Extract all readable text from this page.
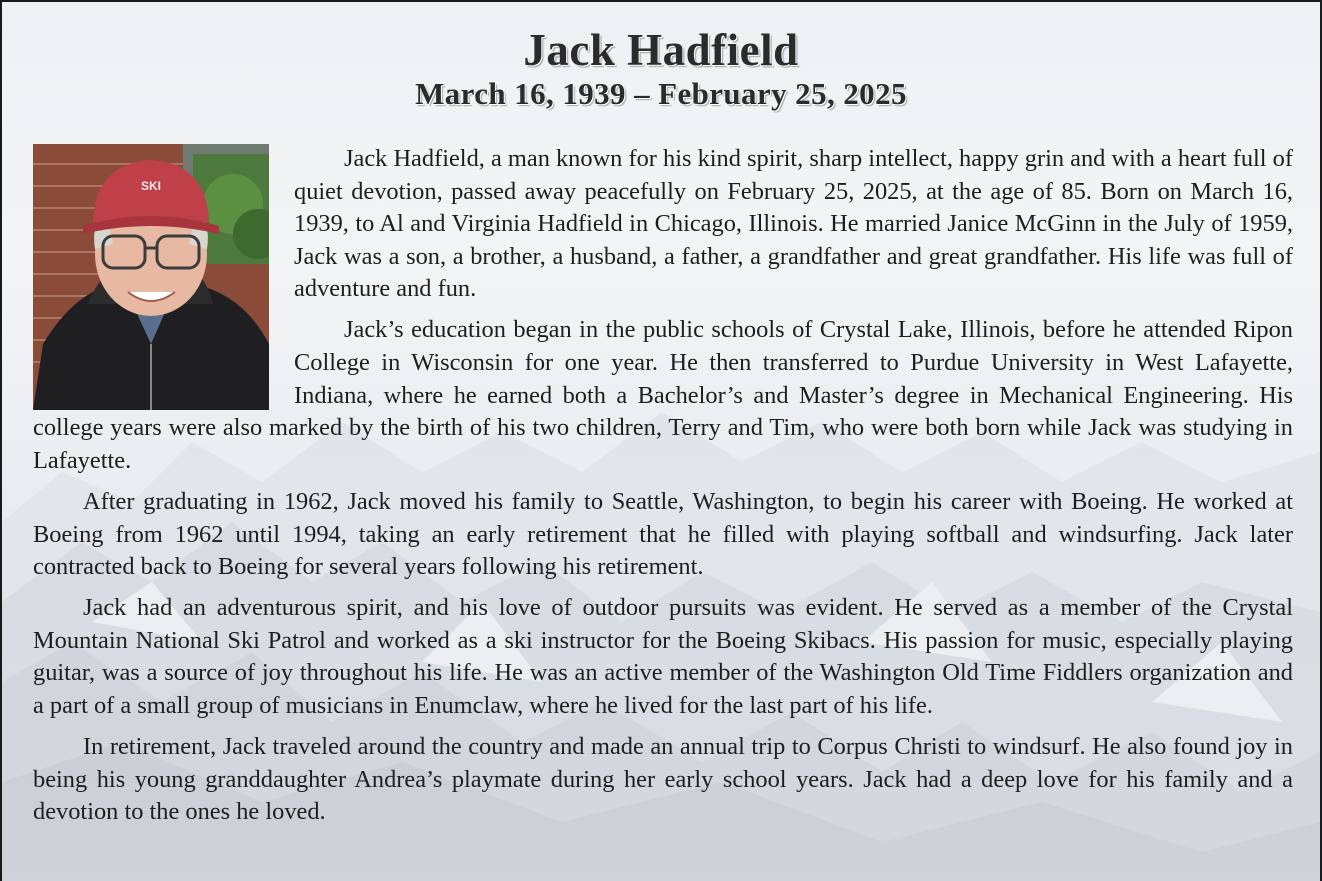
Jack Hadfield
March 16, 1939 – February 25, 2025
SKI

Jack Hadfield, a man known for his kind spirit, sharp intellect, happy grin and with a heart full of quiet devotion, passed away peacefully on February 25, 2025, at the age of 85. Born on March 16, 1939, to Al and Virginia Hadfield in Chicago, Illinois. He married Janice McGinn in the July of 1959, Jack was a son, a brother, a husband, a father, a grandfather and great grandfather. His life was full of adventure and fun.

Jack’s education began in the public schools of Crystal Lake, Illinois, before he attended Ripon College in Wisconsin for one year. He then transferred to Purdue University in West Lafayette, Indiana, where he earned both a Bachelor’s and Master’s degree in Mechanical Engineering. His college years were also marked by the birth of his two children, Terry and Tim, who were both born while Jack was studying in Lafayette.

After graduating in 1962, Jack moved his family to Seattle, Washington, to begin his career with Boeing. He worked at Boeing from 1962 until 1994, taking an early retirement that he filled with playing softball and windsurfing. Jack later contracted back to Boeing for several years following his retirement.

Jack had an adventurous spirit, and his love of outdoor pursuits was evident. He served as a member of the Crystal Mountain National Ski Patrol and worked as a ski instructor for the Boeing Skibacs. His passion for music, especially playing guitar, was a source of joy throughout his life. He was an active member of the Washington Old Time Fiddlers organization and a part of a small group of musicians in Enumclaw, where he lived for the last part of his life.

In retirement, Jack traveled around the country and made an annual trip to Corpus Christi to windsurf. He also found joy in being his young granddaughter Andrea’s playmate during her early school years. Jack had a deep love for his family and a devotion to the ones he loved.
